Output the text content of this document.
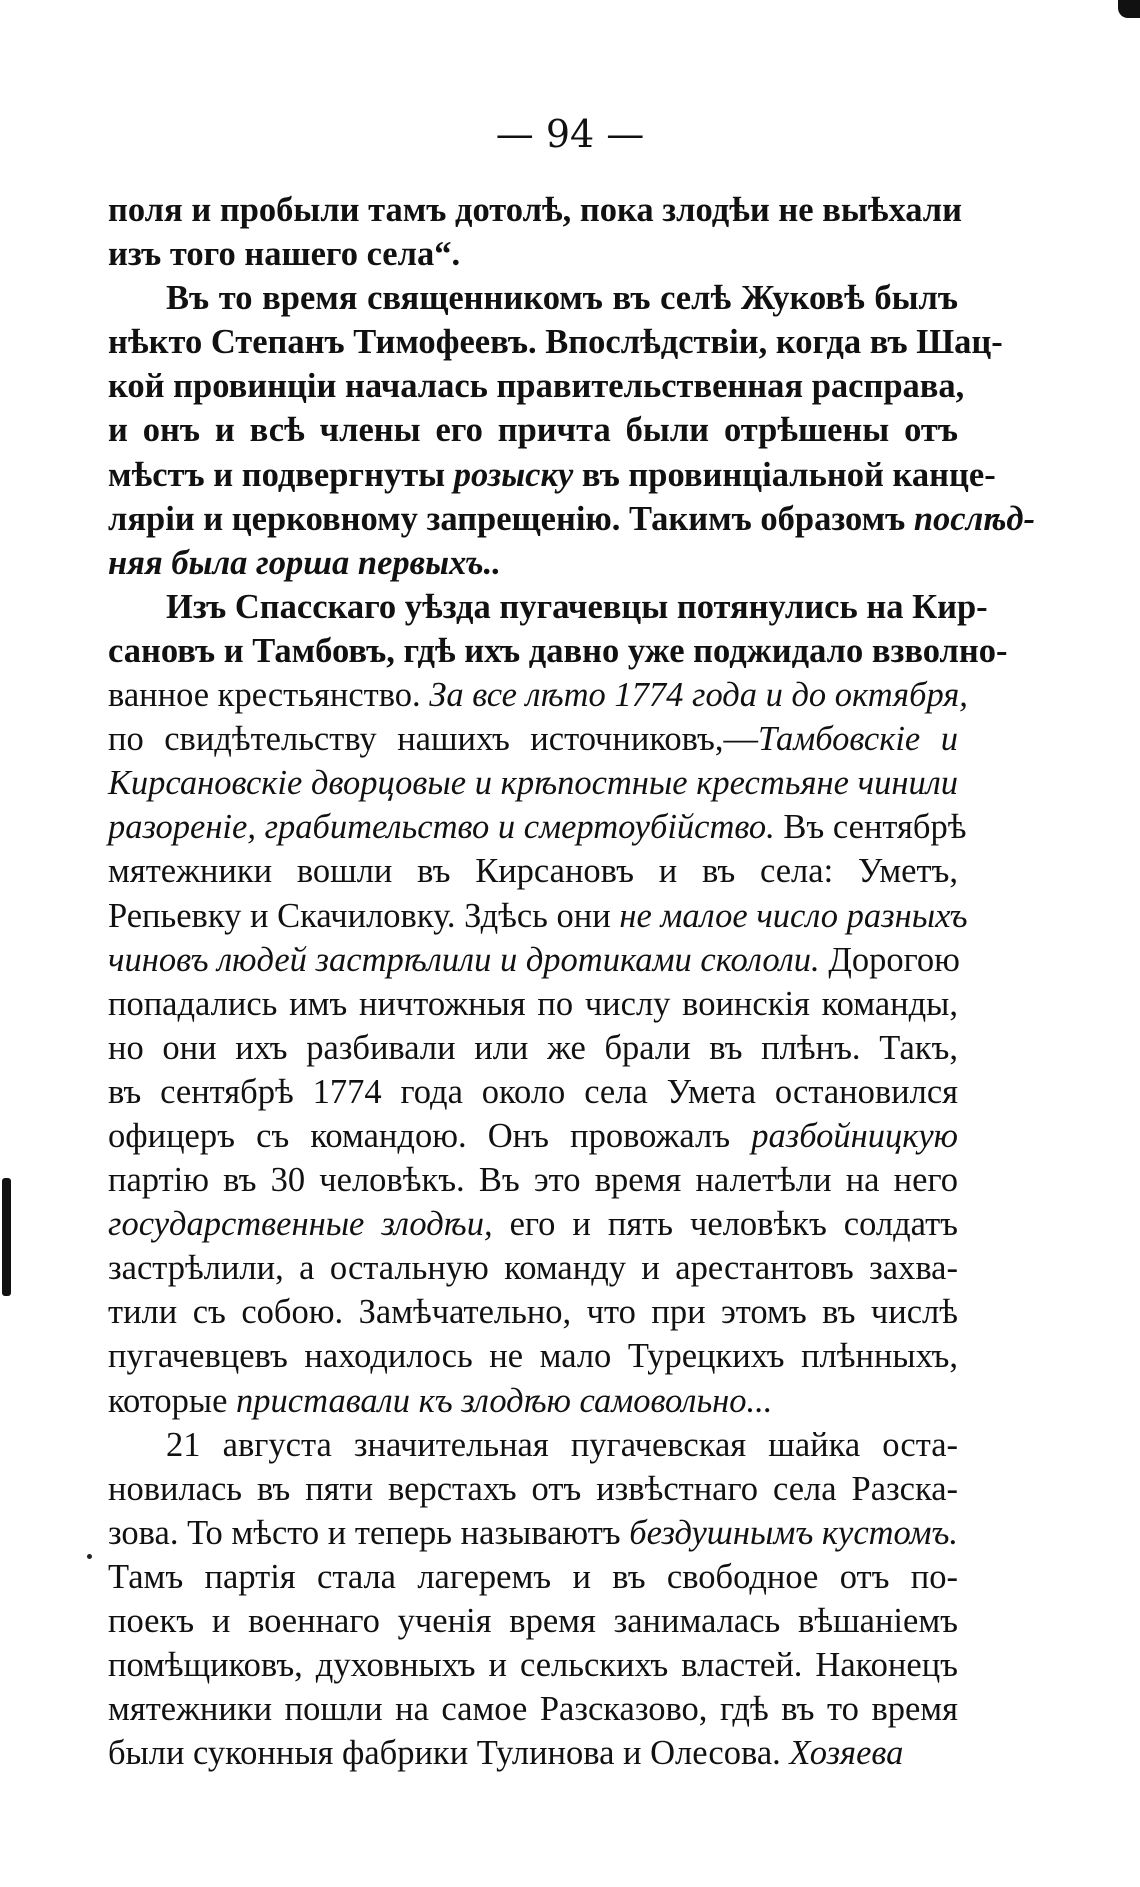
— 94 —
поля и пробыли тамъ дотолѣ, пока злодѣи не выѣхали
изъ того нашего села“.
Въ то время священникомъ въ селѣ Жуковѣ былъ
нѣкто Степанъ Тимофеевъ. Впослѣдствіи, когда въ Шац-
кой провинціи началась правительственная расправа,
и онъ и всѣ члены его причта были отрѣшены отъ
мѣстъ и подвергнуты розыску въ провинціальной канце-
ляріи и церковному запрещенію. Такимъ образомъ послѣд-
няя была горша первыхъ..
Изъ Спасскаго уѣзда пугачевцы потянулись на Кир-
сановъ и Тамбовъ, гдѣ ихъ давно уже поджидало взволно-
ванное крестьянство. За все лѣто 1774 года и до октября,
по свидѣтельству нашихъ источниковъ,—Тамбовскіе и
Кирсановскіе дворцовые и крѣпостные крестьяне чинили
разореніе, грабительство и смертоубійство. Въ сентябрѣ
мятежники вошли въ Кирсановъ и въ села: Уметъ,
Репьевку и Скачиловку. Здѣсь они не малое число разныхъ
чиновъ людей застрѣлили и дротиками скололи. Дорогою
попадались имъ ничтожныя по числу воинскія команды,
но они ихъ разбивали или же брали въ плѣнъ. Такъ,
въ сентябрѣ 1774 года около села Умета остановился
офицеръ съ командою. Онъ провожалъ разбойницкую
партію въ 30 человѣкъ. Въ это время налетѣли на него
государственные злодѣи, его и пять человѣкъ солдатъ
застрѣлили, а остальную команду и арестантовъ захва-
тили съ собою. Замѣчательно, что при этомъ въ числѣ
пугачевцевъ находилось не мало Турецкихъ плѣнныхъ,
которые приставали къ злодѣю самовольно...
21 августа значительная пугачевская шайка оста-
новилась въ пяти верстахъ отъ извѣстнаго села Разска-
зова. То мѣсто и теперь называютъ бездушнымъ кустомъ.
Тамъ партія стала лагеремъ и въ свободное отъ по-
поекъ и военнаго ученія время занималась вѣшаніемъ
помѣщиковъ, духовныхъ и сельскихъ властей. Наконецъ
мятежники пошли на самое Разсказово, гдѣ въ то время
были суконныя фабрики Тулинова и Олесова. Хозяева
